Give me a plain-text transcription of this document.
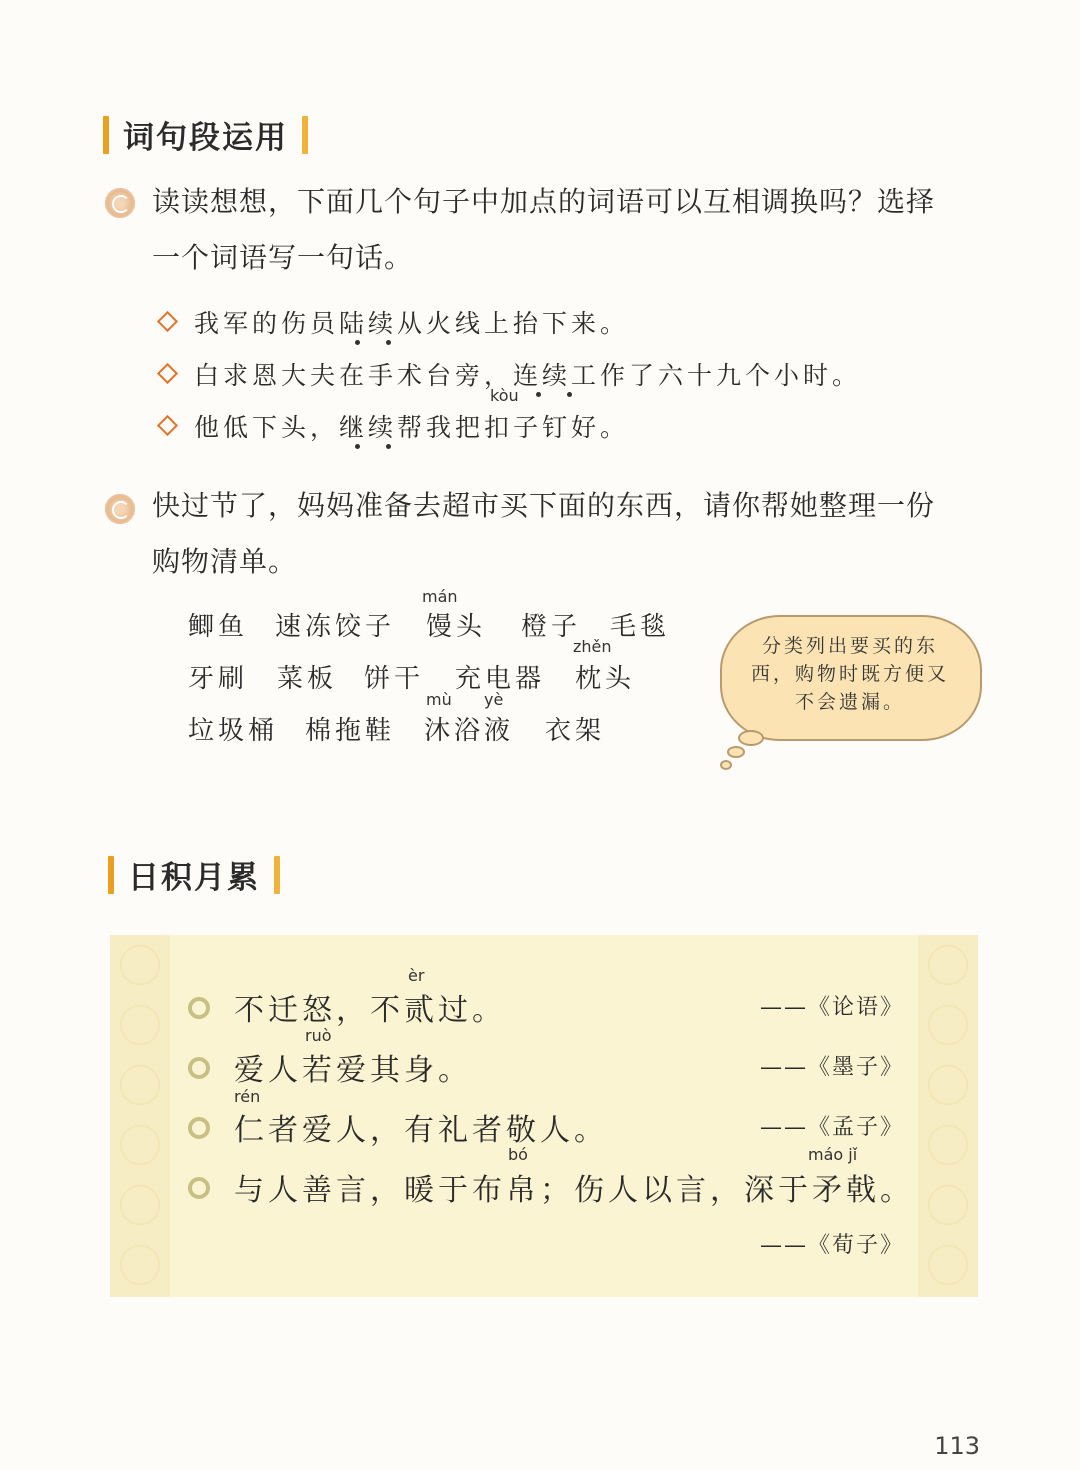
词句段运用
读读想想，下面几个句子中加点的词语可以互相调换吗？选择
一个词语写一句话。
我军的伤员陆续从火线上抬下来。
白求恩大夫在手术台旁，连续工作了六十九个小时。
kòu
他低下头，继续帮我把扣子钉好。
快过节了，妈妈准备去超市买下面的东西，请你帮她整理一份
购物清单。
mán
鲫鱼 速冻饺子 馒头 橙子 毛毯
zhěn
牙刷 菜板 饼干 充电器 枕头
mù yè
垃圾桶 棉拖鞋 沐浴液 衣架
分类列出要买的东西，购物时既方便又不会遗漏。
日积月累
èr
不迁怒，不贰过。	——《论语》
ruò
爱人若爱其身。	——《墨子》
rén
仁者爱人，有礼者敬人。	——《孟子》
bó	máo jǐ
与人善言，暖于布帛；伤人以言，深于矛戟。
——《荀子》
113
